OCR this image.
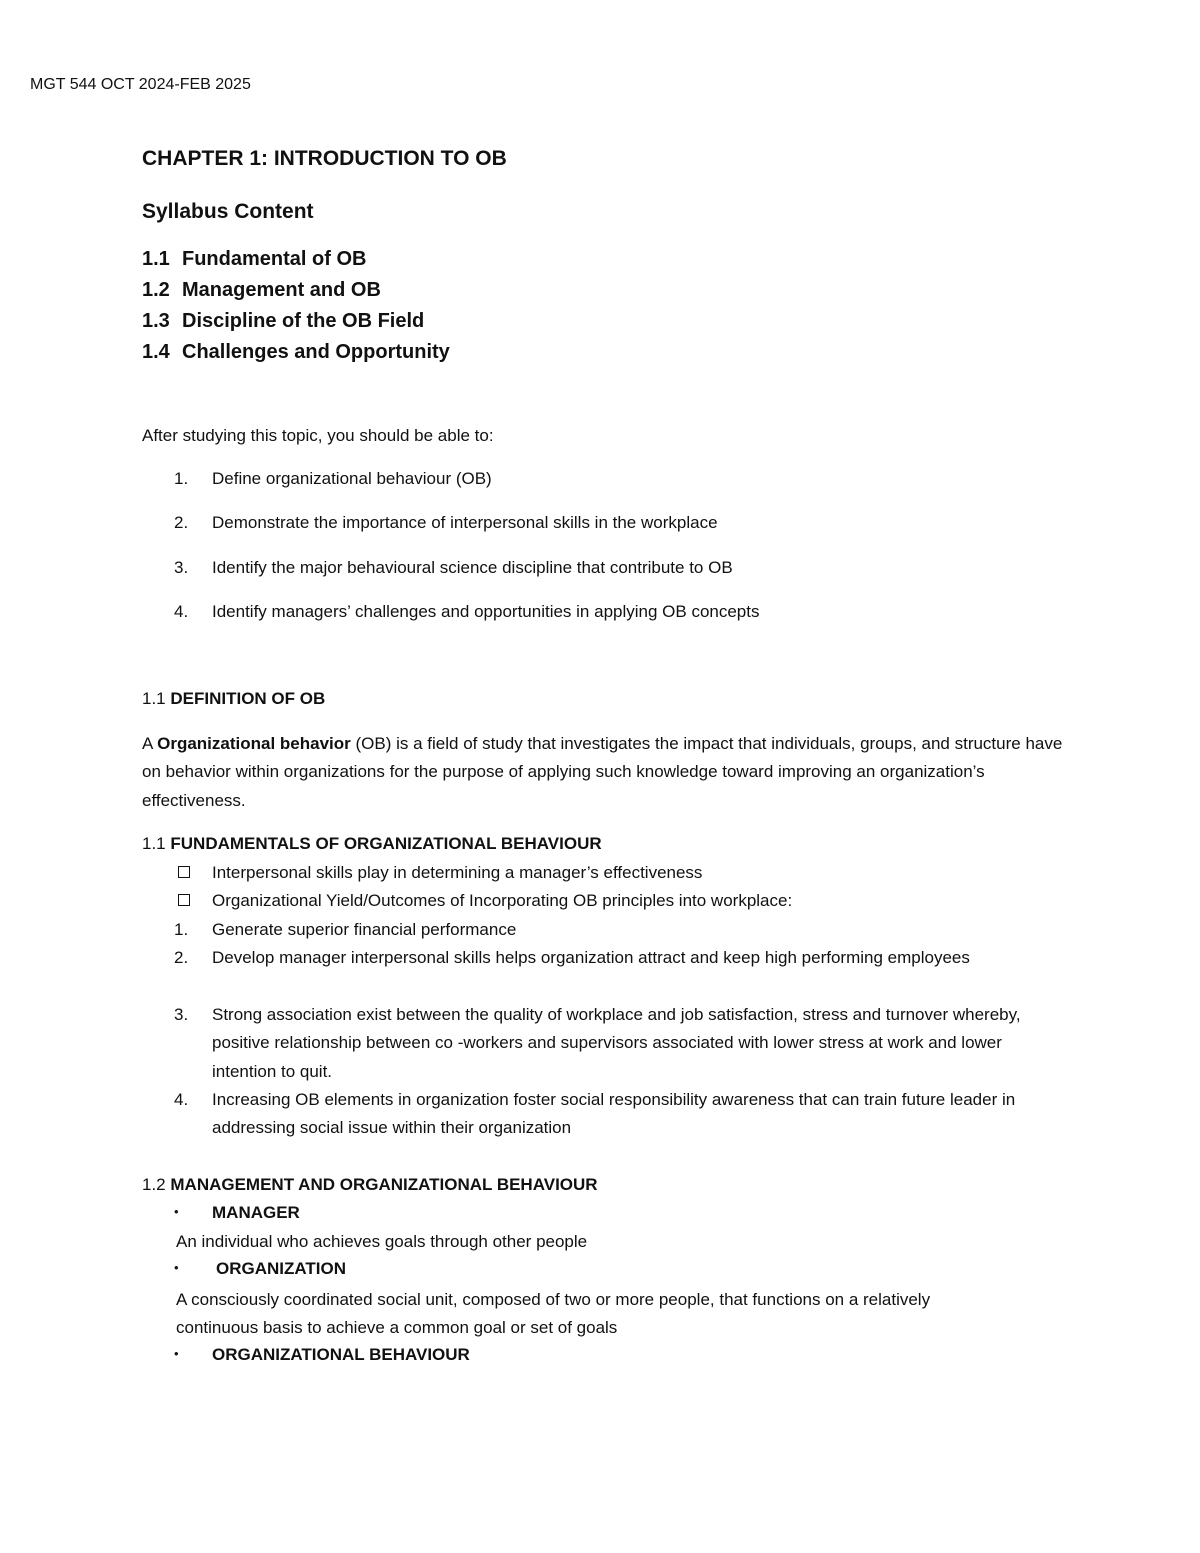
MGT 544 OCT 2024-FEB 2025
CHAPTER 1: INTRODUCTION TO OB
Syllabus Content
1.1 Fundamental of OB
1.2 Management and OB
1.3 Discipline of the OB Field
1.4 Challenges and Opportunity
After studying this topic, you should be able to:
1. Define organizational behaviour (OB)
2. Demonstrate the importance of interpersonal skills in the workplace
3. Identify the major behavioural science discipline that contribute to OB
4. Identify managers’ challenges and opportunities in applying OB concepts
1.1 DEFINITION OF OB
A Organizational behavior (OB) is a field of study that investigates the impact that individuals, groups, and structure have on behavior within organizations for the purpose of applying such knowledge toward improving an organization’s effectiveness.
1.1 FUNDAMENTALS OF ORGANIZATIONAL BEHAVIOUR
Interpersonal skills play in determining a manager’s effectiveness
Organizational Yield/Outcomes of Incorporating OB principles into workplace:
1.	Generate superior financial performance
2.	Develop manager interpersonal skills helps organization attract and keep high performing employees
3.	Strong association exist between the quality of workplace and job satisfaction, stress and turnover whereby, positive relationship between co -workers and supervisors associated with lower stress at work and lower intention to quit.
4.	Increasing OB elements in organization foster social responsibility awareness that can train future leader in addressing social issue within their organization
1.2 MANAGEMENT AND ORGANIZATIONAL BEHAVIOUR
• MANAGER
An individual who achieves goals through other people
• ORGANIZATION
A consciously coordinated social unit, composed of two or more people, that functions on a relatively continuous basis to achieve a common goal or set of goals
• ORGANIZATIONAL BEHAVIOUR
